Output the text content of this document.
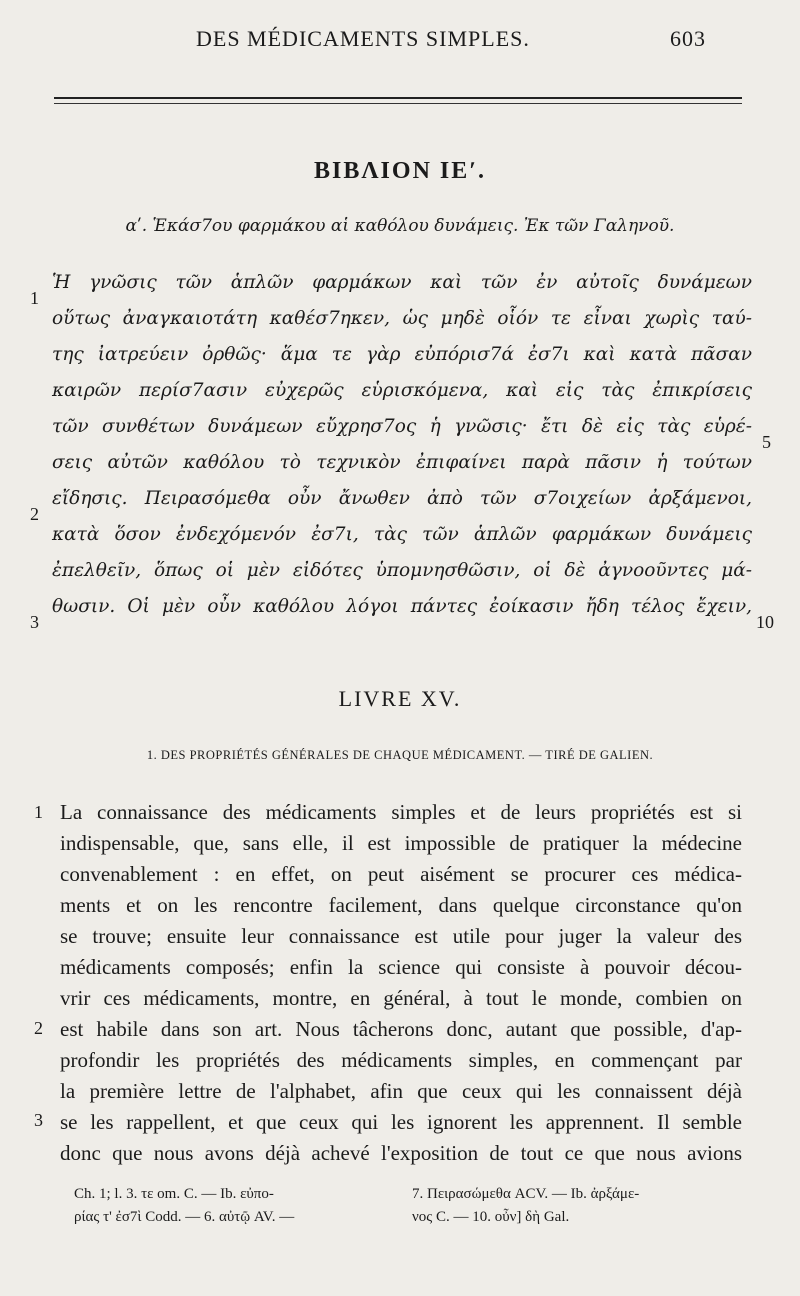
DES MÉDICAMENTS SIMPLES.	603
ΒΙΒΛΙΟΝ ΙΕʹ.
αʹ. Ἑκάσ7ου φαρμάκου αἱ καθόλου δυνάμεις. Ἐκ τῶν Γαληνοῦ.
Ἡ γνῶσις τῶν ἁπλῶν φαρμάκων καὶ τῶν ἐν αὐτοῖς δυνάμεων
οὕτως ἀναγκαιοτάτη καθέσ7ηκεν, ὡς μηδὲ οἷόν τε εἶναι χωρὶς ταύ-
της ἰατρεύειν ὀρθῶς· ἅμα τε γὰρ εὐπόρισ7ά ἐσ7ι καὶ κατὰ πᾶσαν
καιρῶν περίσ7ασιν εὐχερῶς εὑρισκόμενα, καὶ εἰς τὰς ἐπικρίσεις
τῶν συνθέτων δυνάμεων εὔχρησ7ος ἡ γνῶσις· ἔτι δὲ εἰς τὰς εὑρέ-
σεις αὐτῶν καθόλου τὸ τεχνικὸν ἐπιφαίνει παρὰ πᾶσιν ἡ τούτων
εἴδησις. Πειρασόμεθα οὖν ἄνωθεν ἀπὸ τῶν σ7οιχείων ἀρξάμενοι,
κατὰ ὅσον ἐνδεχόμενόν ἐσ7ι, τὰς τῶν ἁπλῶν φαρμάκων δυνάμεις
ἐπελθεῖν, ὅπως οἱ μὲν εἰδότες ὑπομνησθῶσιν, οἱ δὲ ἀγνοοῦντες μά-
θωσιν. Οἱ μὲν οὖν καθόλου λόγοι πάντες ἐοίκασιν ἤδη τέλος ἔχειν,
1
2
3
5
10
LIVRE XV.
1. DES PROPRIÉTÉS GÉNÉRALES DE CHAQUE MÉDICAMENT. — TIRÉ DE GALIEN.
La connaissance des médicaments simples et de leurs propriétés est si
indispensable, que, sans elle, il est impossible de pratiquer la médecine
convenablement : en effet, on peut aisément se procurer ces médica-
ments et on les rencontre facilement, dans quelque circonstance qu'on
se trouve; ensuite leur connaissance est utile pour juger la valeur des
médicaments composés; enfin la science qui consiste à pouvoir décou-
vrir ces médicaments, montre, en général, à tout le monde, combien on
est habile dans son art. Nous tâcherons donc, autant que possible, d'ap-
profondir les propriétés des médicaments simples, en commençant par
la première lettre de l'alphabet, afin que ceux qui les connaissent déjà
se les rappellent, et que ceux qui les ignorent les apprennent. Il semble
donc que nous avons déjà achevé l'exposition de tout ce que nous avions
1
2
3
Ch. 1; l. 3. τε om. C. — Ib. εὐπο-
ρίας τ' ἐσ7ὶ Codd. — 6. αὐτῷ AV. —
7. Πειρασώμεθα ACV. — Ib. ἀρξάμε-
νος C. — 10. οὖν] δὴ Gal.
